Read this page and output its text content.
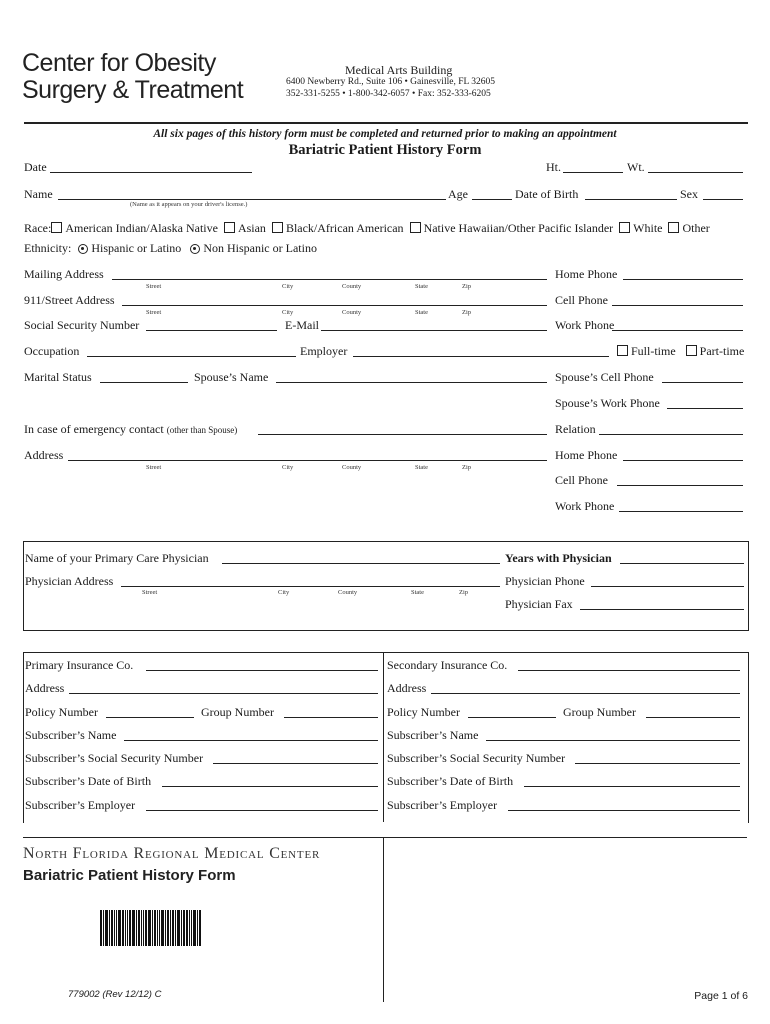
Center for Obesity
Surgery & Treatment
Medical Arts Building
6400 Newberry Rd., Suite 106 • Gainesville, FL 32605
352-331-5255 • 1-800-342-6057 • Fax: 352-333-6205
All six pages of this history form must be completed and returned prior to making an appointment
Bariatric Patient History Form
Date	Ht.	Wt.
Name
(Name as it appears on your driver's license.)
Age	Date of Birth	Sex
Race: American Indian/Alaska Native Asian Black/African American Native Hawaiian/Other Pacific Islander White Other
Ethnicity: Hispanic or Latino Non Hispanic or Latino
Mailing Address
Street	City	County	State	Zip
Home Phone
911/Street Address
Street	City	County	State	Zip
Cell Phone
Social Security Number	E-Mail	Work Phone
Occupation	Employer	Full-time Part-time
Marital Status	Spouse’s Name	Spouse’s Cell Phone
Spouse’s Work Phone
In case of emergency contact (other than Spouse)	Relation
Address
Street	City	County	State	Zip
Home Phone
Cell Phone
Work Phone
Name of your Primary Care Physician	Years with Physician
Physician Address
Street	City	County	State	Zip
Physician Phone
Physician Fax
Primary Insurance Co.
Address
Policy Number	Group Number
Subscriber’s Name
Subscriber’s Social Security Number
Subscriber’s Date of Birth
Subscriber’s Employer
Secondary Insurance Co.
Address
Policy Number	Group Number
Subscriber’s Name
Subscriber’s Social Security Number
Subscriber’s Date of Birth
Subscriber’s Employer
North Florida Regional Medical Center
Bariatric Patient History Form
779002 (Rev 12/12) C	Page 1 of 6
